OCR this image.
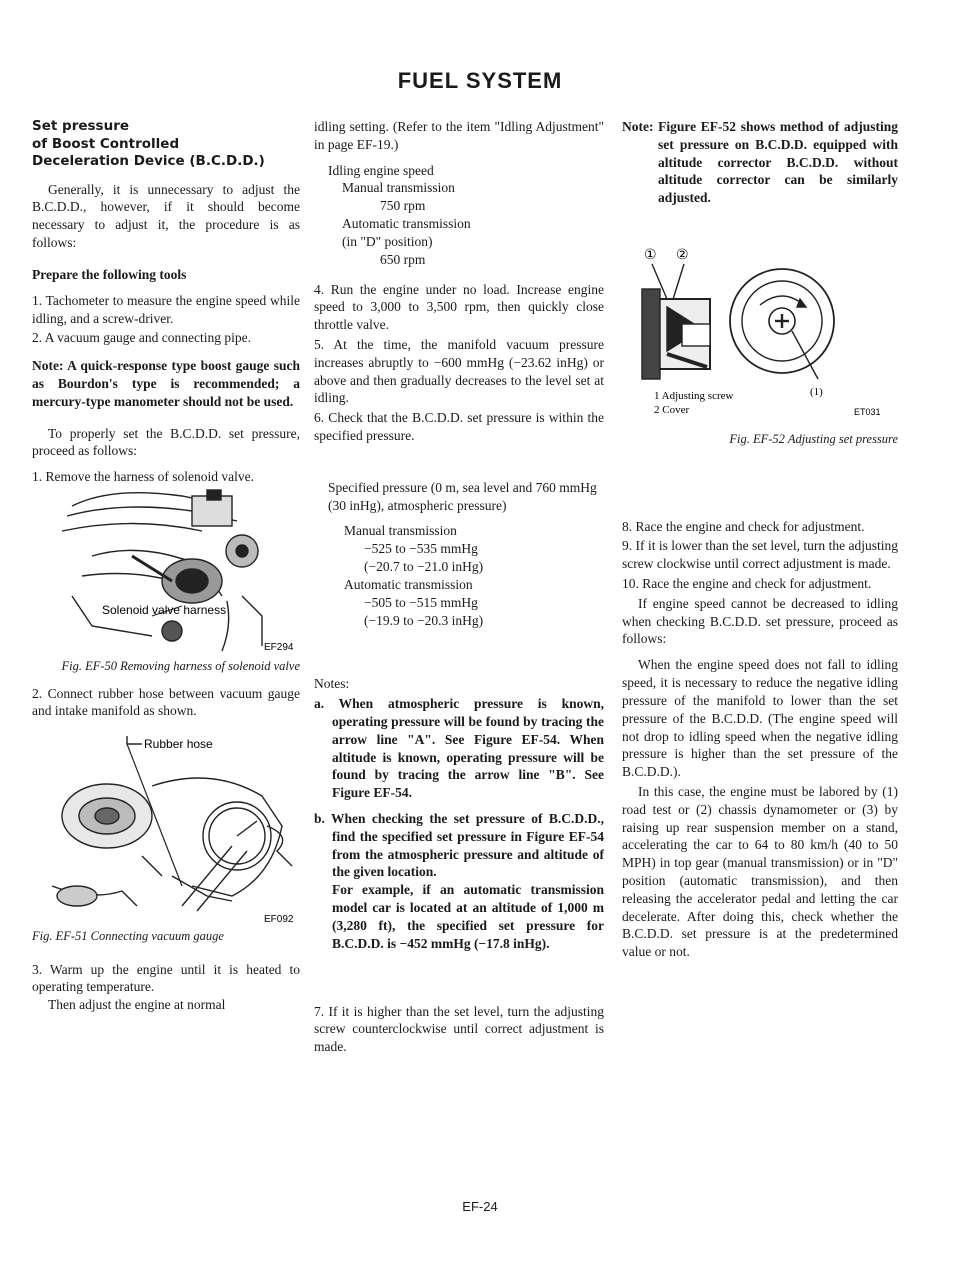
FUEL SYSTEM
Set pressure
of Boost Controlled
Deceleration Device (B.C.D.D.)

Generally, it is unnecessary to adjust the B.C.D.D., however, if it should become necessary to adjust it, the procedure is as follows:

Prepare the following tools

1. Tachometer to measure the engine speed while idling, and a screw-driver.

2. A vacuum gauge and connecting pipe.

Note: A quick-response type boost gauge such as Bourdon's type is recommended; a mercury-type manometer should not be used.

To properly set the B.C.D.D. set pressure, proceed as follows:

1. Remove the harness of solenoid valve.

Solenoid valve harness
EF294

Fig. EF-50 Removing harness of solenoid valve

2. Connect rubber hose between vacuum gauge and intake manifold as shown.

Rubber hose
EF092

Fig. EF-51 Connecting vacuum gauge

3. Warm up the engine until it is heated to operating temperature.

Then adjust the engine at normal

idling setting. (Refer to the item "Idling Adjustment" in page EF-19.)

Idling engine speed
Manual transmission
750 rpm
Automatic transmission
(in "D" position)
650 rpm

4. Run the engine under no load. Increase engine speed to 3,000 to 3,500 rpm, then quickly close throttle valve.

5. At the time, the manifold vacuum pressure increases abruptly to −600 mmHg (−23.62 inHg) or above and then gradually decreases to the level set at idling.

6. Check that the B.C.D.D. set pressure is within the specified pressure.

Specified pressure (0 m, sea level and 760 mmHg (30 inHg), atmospheric pressure)

Manual transmission
−525 to −535 mmHg
(−20.7 to −21.0 inHg)
Automatic transmission
−505 to −515 mmHg
(−19.9 to −20.3 inHg)

Notes:

a. When atmospheric pressure is known, operating pressure will be found by tracing the arrow line "A". See Figure EF-54. When altitude is known, operating pressure will be found by tracing the arrow line "B". See Figure EF-54.

b. When checking the set pressure of B.C.D.D., find the specified set pressure in Figure EF-54 from the atmospheric pressure and altitude of the given location.

For example, if an automatic transmission model car is located at an altitude of 1,000 m (3,280 ft), the specified set pressure for B.C.D.D. is −452 mmHg (−17.8 inHg).

7. If it is higher than the set level, turn the adjusting screw counterclockwise until correct adjustment is made.

Note: Figure EF-52 shows method of adjusting set pressure on B.C.D.D. equipped with altitude corrector B.C.D.D. without altitude corrector can be similarly adjusted.

① ②
1 Adjusting screw
2 Cover
(1)
ET031

Fig. EF-52 Adjusting set pressure

8. Race the engine and check for adjustment.

9. If it is lower than the set level, turn the adjusting screw clockwise until correct adjustment is made.

10. Race the engine and check for adjustment.

If engine speed cannot be decreased to idling when checking B.C.D.D. set pressure, proceed as follows:

When the engine speed does not fall to idling speed, it is necessary to reduce the negative idling pressure of the manifold to lower than the set pressure of the B.C.D.D. (The engine speed will not drop to idling speed when the negative idling pressure is higher than the set pressure of the B.C.D.D.).

In this case, the engine must be labored by (1) road test or (2) chassis dynamometer or (3) by raising up rear suspension member on a stand, accelerating the car to 64 to 80 km/h (40 to 50 MPH) in top gear (manual transmission) or in "D" position (automatic transmission), and then releasing the accelerator pedal and letting the car decelerate. After doing this, check whether the B.C.D.D. set pressure is at the predetermined value or not.

EF-24
